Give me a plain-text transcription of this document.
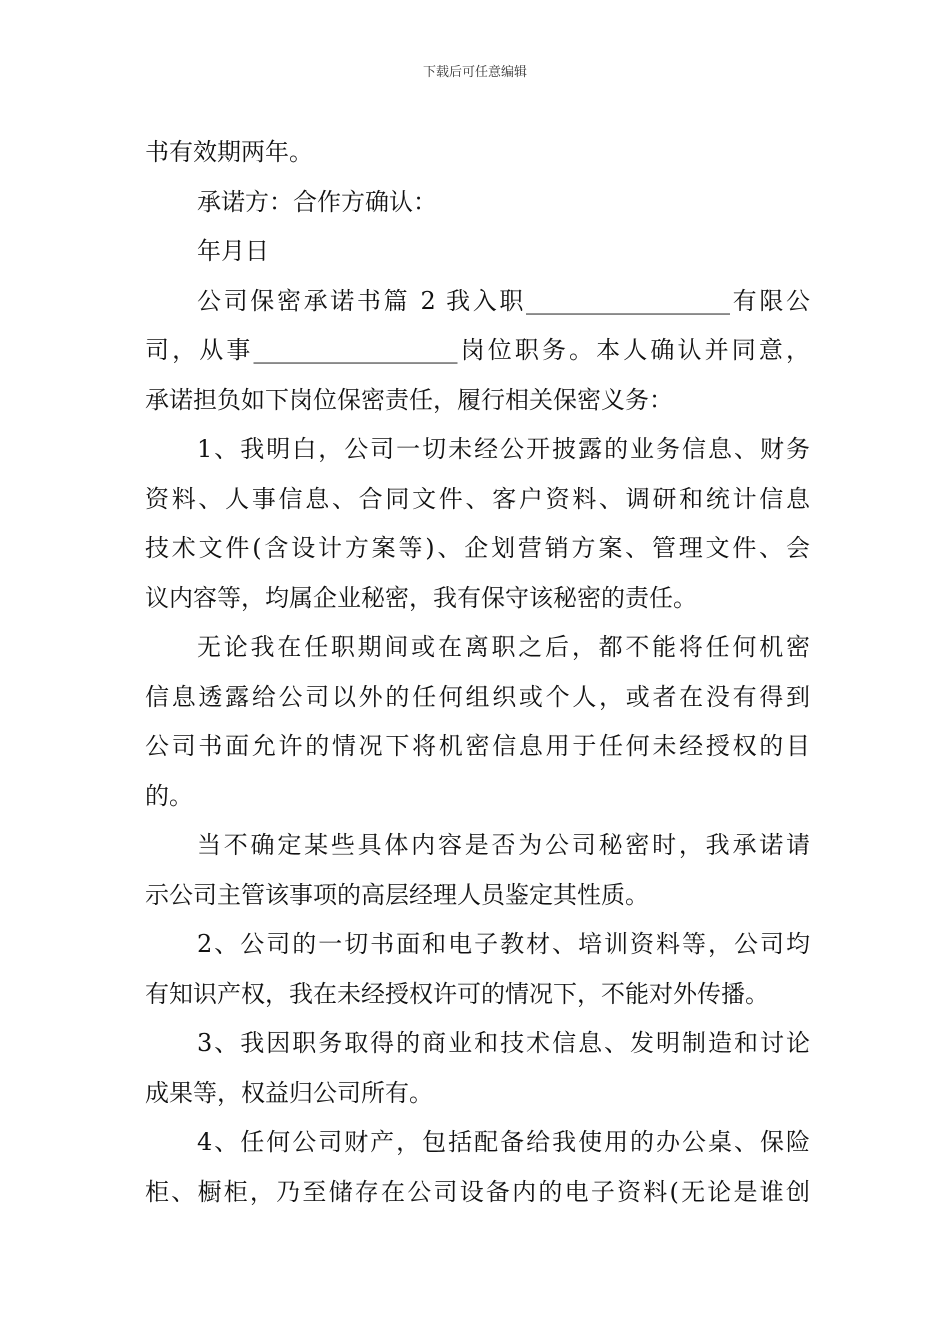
下载后可任意编辑
书有效期两年。
承诺方：合作方确认：
年月日
公司保密承诺书篇 2 我入职_________________有限公
司，从事_________________岗位职务。本人确认并同意，
承诺担负如下岗位保密责任，履行相关保密义务：
1、我明白，公司一切未经公开披露的业务信息、财务
资料、人事信息、合同文件、客户资料、调研和统计信息
技术文件(含设计方案等)、企划营销方案、管理文件、会
议内容等，均属企业秘密，我有保守该秘密的责任。
无论我在任职期间或在离职之后，都不能将任何机密
信息透露给公司以外的任何组织或个人，或者在没有得到
公司书面允许的情况下将机密信息用于任何未经授权的目
的。
当不确定某些具体内容是否为公司秘密时，我承诺请
示公司主管该事项的高层经理人员鉴定其性质。
2、公司的一切书面和电子教材、培训资料等，公司均
有知识产权，我在未经授权许可的情况下，不能对外传播。
3、我因职务取得的商业和技术信息、发明制造和讨论
成果等，权益归公司所有。
4、任何公司财产，包括配备给我使用的办公桌、保险
柜、橱柜，乃至储存在公司设备内的电子资料(无论是谁创
